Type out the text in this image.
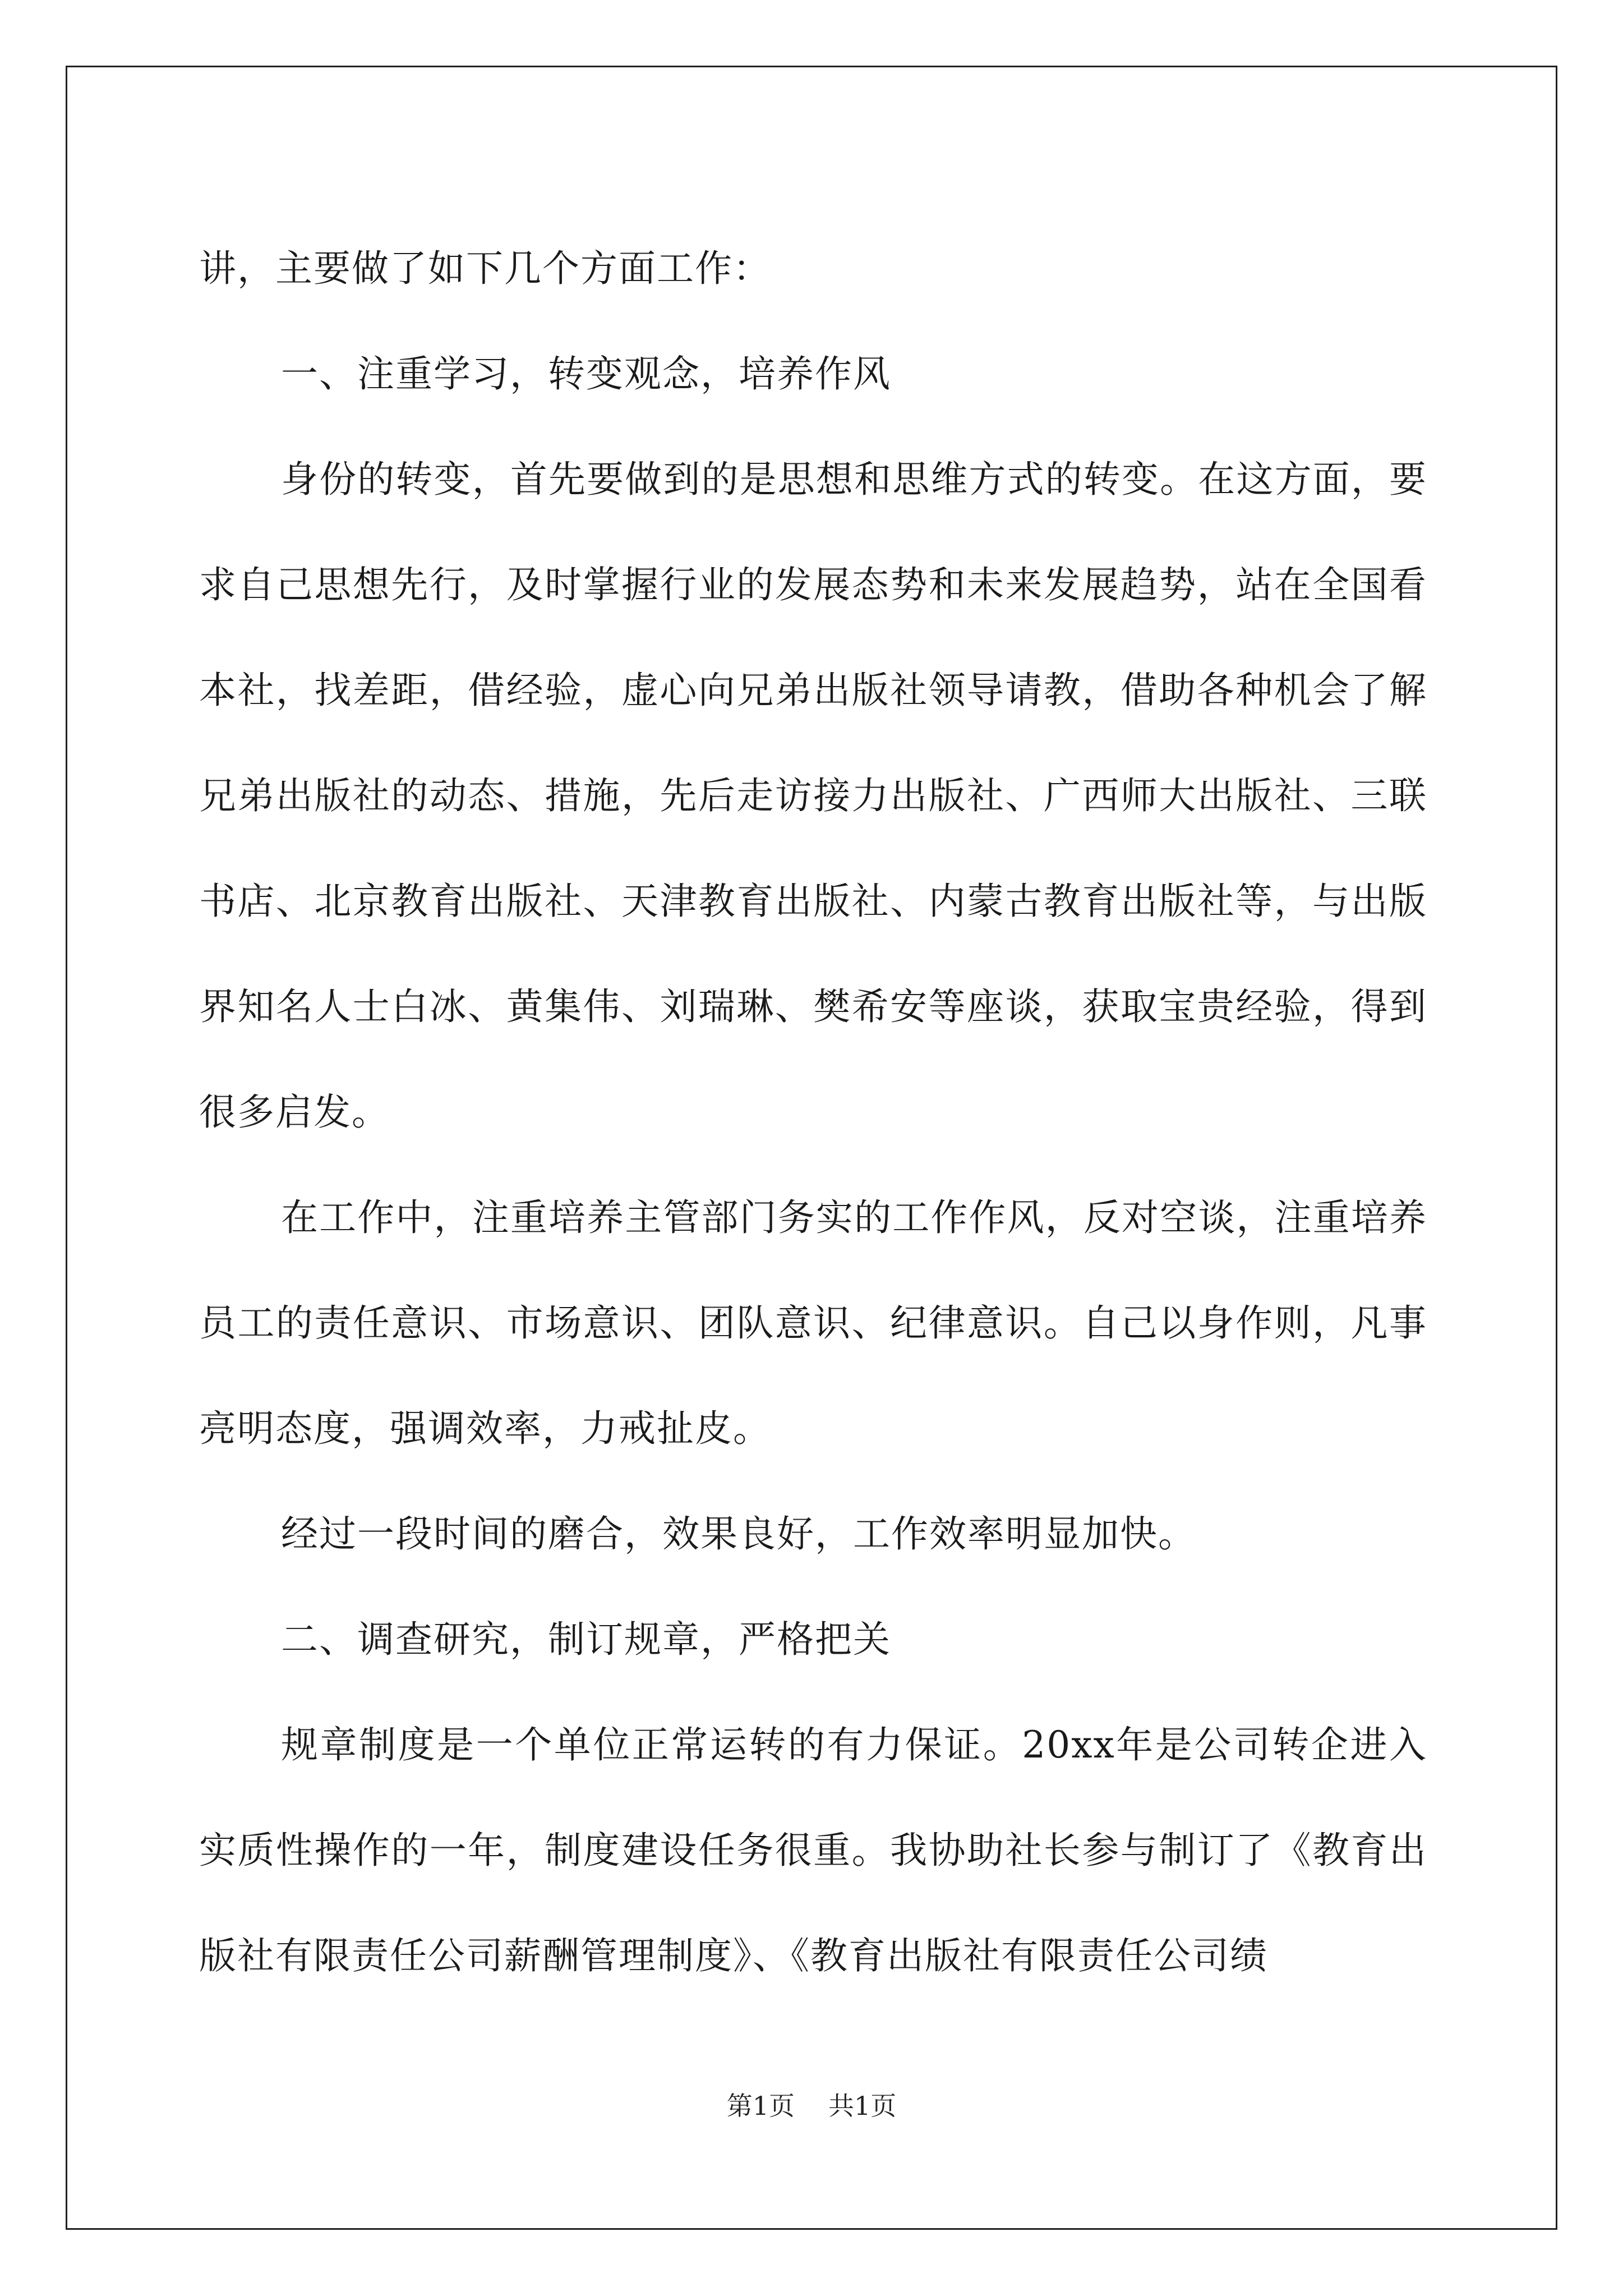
讲，主要做了如下几个方面工作：

一、注重学习，转变观念，培养作风

身份的转变，首先要做到的是思想和思维方式的转变。在这方面，要求自己思想先行，及时掌握行业的发展态势和未来发展趋势，站在全国看本社，找差距，借经验，虚心向兄弟出版社领导请教，借助各种机会了解兄弟出版社的动态、措施，先后走访接力出版社、广西师大出版社、三联书店、北京教育出版社、天津教育出版社、内蒙古教育出版社等，与出版界知名人士白冰、黄集伟、刘瑞琳、樊希安等座谈，获取宝贵经验，得到很多启发。

在工作中，注重培养主管部门务实的工作作风，反对空谈，注重培养员工的责任意识、市场意识、团队意识、纪律意识。自己以身作则，凡事亮明态度，强调效率，力戒扯皮。

经过一段时间的磨合，效果良好，工作效率明显加快。

二、调查研究，制订规章，严格把关

规章制度是一个单位正常运转的有力保证。20xx年是公司转企进入实质性操作的一年，制度建设任务很重。我协助社长参与制订了《教育出版社有限责任公司薪酬管理制度》、《教育出版社有限责任公司绩

第1页 共1页
